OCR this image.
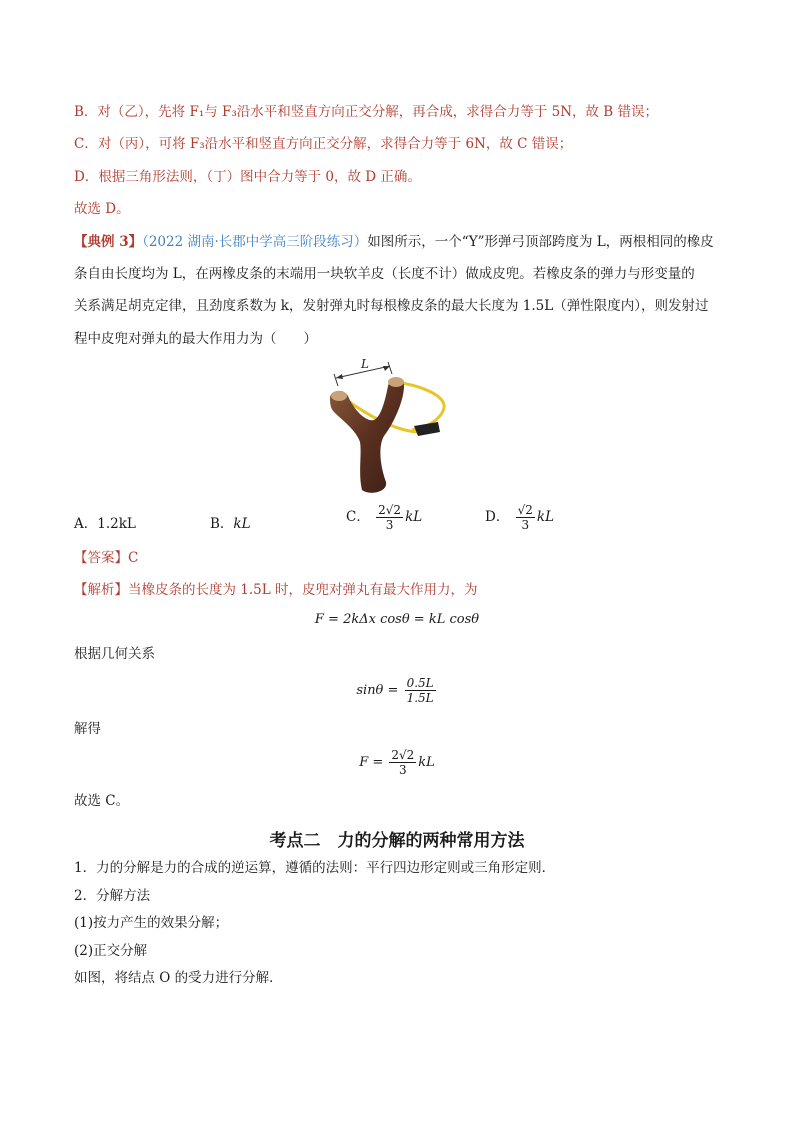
B．对（乙），先将 F₁与 F₃沿水平和竖直方向正交分解，再合成，求得合力等于 5N，故 B 错误；
C．对（丙），可将 F₃沿水平和竖直方向正交分解，求得合力等于 6N，故 C 错误；
D．根据三角形法则，（丁）图中合力等于 0，故 D 正确。
故选 D。
【典例 3】（2022 湖南·长郡中学高三阶段练习）如图所示，一个“Y”形弹弓顶部跨度为 L，两根相同的橡皮
条自由长度均为 L，在两橡皮条的末端用一块软羊皮（长度不计）做成皮兜。若橡皮条的弹力与形变量的
关系满足胡克定律，且劲度系数为 k，发射弹丸时每根橡皮条的最大长度为 1.5L（弹性限度内），则发射过
程中皮兜对弹丸的最大作用力为（　　）
L
A．1.2kL	B．kL	C． $\frac{2√2}{3}$ kL	D． $\frac{√2}{3}$ kL
【答案】C
【解析】当橡皮条的长度为 1.5L 时，皮兜对弹丸有最大作用力，为
F = 2kΔx cosθ = kL cosθ
根据几何关系
$\sin\theta = \frac{0.5L}{1.5L}$
解得
$F = \frac{2√2}{3}$ kL
故选 C。
考点二　力的分解的两种常用方法
1．力的分解是力的合成的逆运算，遵循的法则：平行四边形定则或三角形定则．
2．分解方法
(1)按力产生的效果分解；
(2)正交分解
如图，将结点 O 的受力进行分解．
